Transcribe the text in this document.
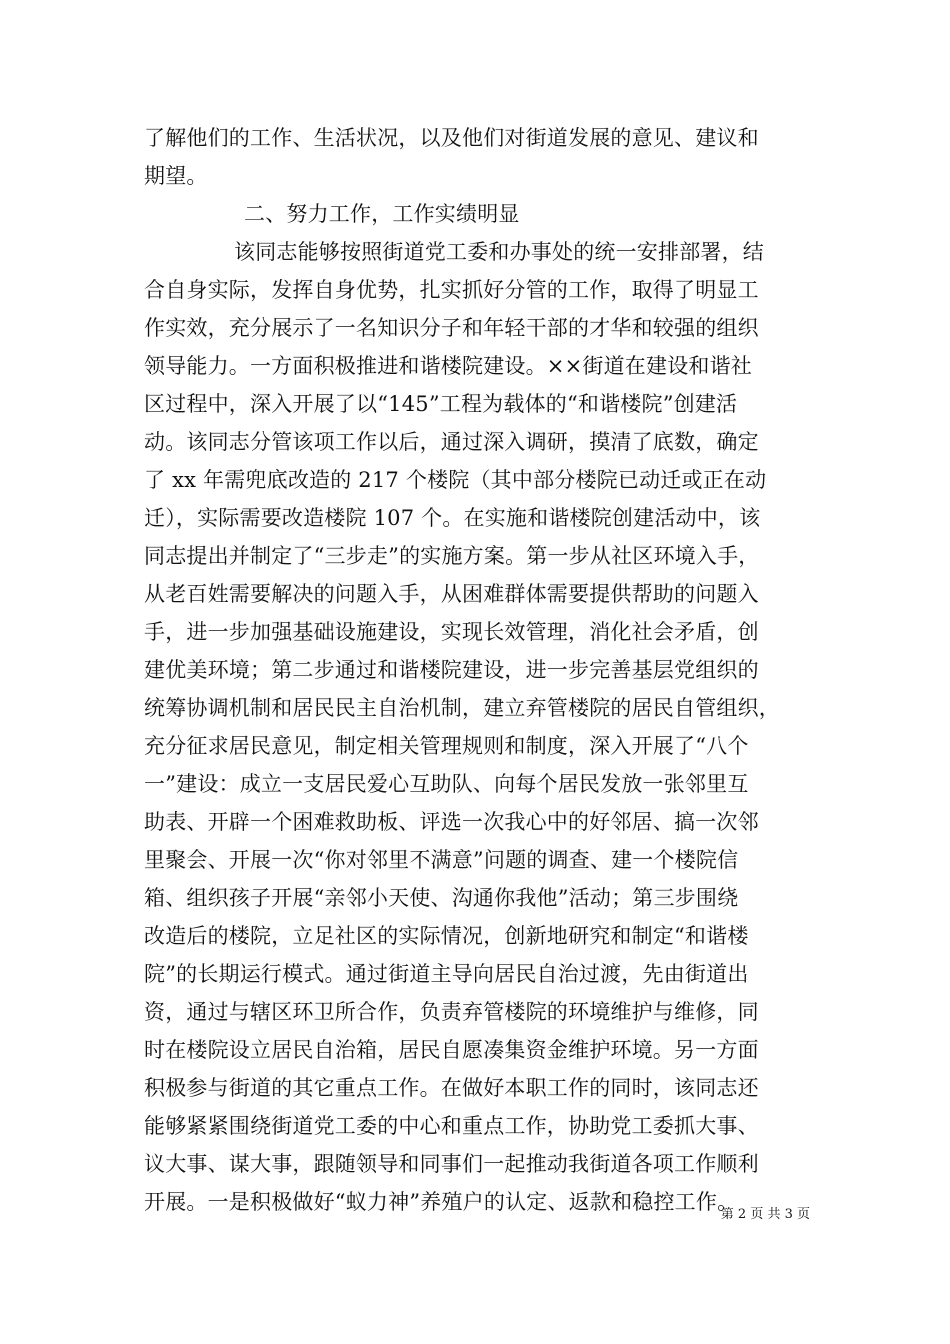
了解他们的工作、生活状况，以及他们对街道发展的意见、建议和
期望。
二、努力工作，工作实绩明显
该同志能够按照街道党工委和办事处的统一安排部署，结
合自身实际，发挥自身优势，扎实抓好分管的工作，取得了明显工
作实效，充分展示了一名知识分子和年轻干部的才华和较强的组织
领导能力。一方面积极推进和谐楼院建设。××街道在建设和谐社
区过程中，深入开展了以“145”工程为载体的“和谐楼院”创建活
动。该同志分管该项工作以后，通过深入调研，摸清了底数，确定
了 xx 年需兜底改造的 217 个楼院（其中部分楼院已动迁或正在动
迁），实际需要改造楼院 107 个。在实施和谐楼院创建活动中，该
同志提出并制定了“三步走”的实施方案。第一步从社区环境入手，
从老百姓需要解决的问题入手，从困难群体需要提供帮助的问题入
手，进一步加强基础设施建设，实现长效管理，消化社会矛盾，创
建优美环境；第二步通过和谐楼院建设，进一步完善基层党组织的
统筹协调机制和居民民主自治机制，建立弃管楼院的居民自管组织，
充分征求居民意见，制定相关管理规则和制度，深入开展了“八个
一”建设：成立一支居民爱心互助队、向每个居民发放一张邻里互
助表、开辟一个困难救助板、评选一次我心中的好邻居、搞一次邻
里聚会、开展一次“你对邻里不满意”问题的调查、建一个楼院信
箱、组织孩子开展“亲邻小天使、沟通你我他”活动；第三步围绕
改造后的楼院，立足社区的实际情况，创新地研究和制定“和谐楼
院”的长期运行模式。通过街道主导向居民自治过渡，先由街道出
资，通过与辖区环卫所合作，负责弃管楼院的环境维护与维修，同
时在楼院设立居民自治箱，居民自愿凑集资金维护环境。另一方面
积极参与街道的其它重点工作。在做好本职工作的同时，该同志还
能够紧紧围绕街道党工委的中心和重点工作，协助党工委抓大事、
议大事、谋大事，跟随领导和同事们一起推动我街道各项工作顺利
开展。一是积极做好“蚁力神”养殖户的认定、返款和稳控工作。
第 2 页 共 3 页
